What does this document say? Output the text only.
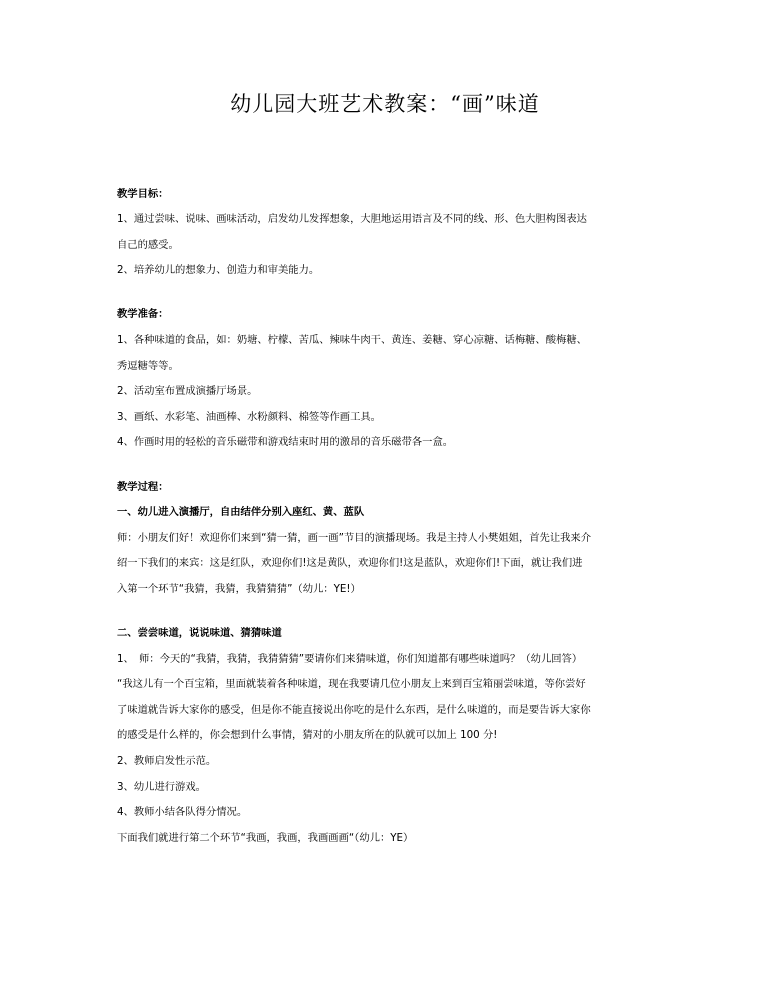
幼儿园大班艺术教案：“画”味道
教学目标：
1、通过尝味、说味、画味活动，启发幼儿发挥想象，大胆地运用语言及不同的线、形、色大胆构图表达
自己的感受。
2、培养幼儿的想象力、创造力和审美能力。
教学准备：
1、各种味道的食品，如：奶塘、柠檬、苦瓜、辣味牛肉干、黄连、姜糖、穿心凉糖、话梅糖、酸梅糖、
秀逗糖等等。
2、活动室布置成演播厅场景。
3、画纸、水彩笔、油画棒、水粉颜料、棉签等作画工具。
4、作画时用的轻松的音乐磁带和游戏结束时用的激昂的音乐磁带各一盒。
教学过程：
一、幼儿进入演播厅，自由结伴分别入座红、黄、蓝队
师：小朋友们好！欢迎你们来到“猜一猜，画一画”节目的演播现场。我是主持人小樊姐姐，首先让我来介
绍一下我们的来宾：这是红队，欢迎你们!这是黄队，欢迎你们!这是蓝队，欢迎你们!下面，就让我们进
入第一个环节“我猜，我猜，我猜猜猜”（幼儿：YE!）
二、尝尝味道，说说味道、猜猜味道
1、　师：今天的“我猜，我猜，我猜猜猜”要请你们来猜味道，你们知道都有哪些味道吗？（幼儿回答）
“我这儿有一个百宝箱，里面就装着各种味道，现在我要请几位小朋友上来到百宝箱丽尝味道，等你尝好
了味道就告诉大家你的感受，但是你不能直接说出你吃的是什么东西，是什么味道的，而是要告诉大家你
的感受是什么样的，你会想到什么事情，猜对的小朋友所在的队就可以加上 100 分!
2、教师启发性示范。
3、幼儿进行游戏。
4、教师小结各队得分情况。
下面我们就进行第二个环节“我画，我画，我画画画“（幼儿：YE）
